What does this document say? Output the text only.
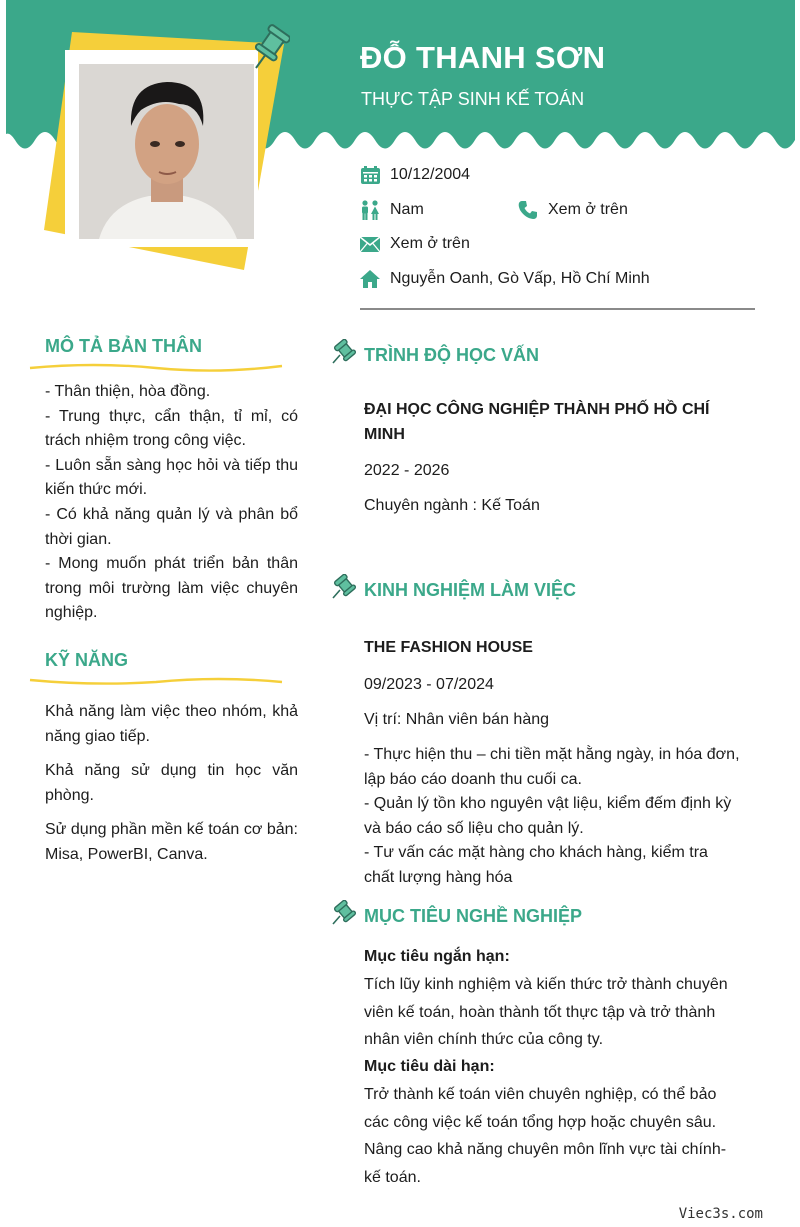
ĐỖ THANH SƠN
THỰC TẬP SINH KẾ TOÁN
10/12/2004
Nam	Xem ở trên
Xem ở trên
Nguyễn Oanh, Gò Vấp, Hồ Chí Minh
MÔ TẢ BẢN THÂN

- Thân thiện, hòa đồng.

- Trung thực, cẩn thận, tỉ mỉ, có trách nhiệm trong công việc.

- Luôn sẵn sàng học hỏi và tiếp thu kiến thức mới.

- Có khả năng quản lý và phân bổ thời gian.

- Mong muốn phát triển bản thân trong môi trường làm việc chuyên nghiệp.

KỸ NĂNG

Khả năng làm việc theo nhóm, khả năng giao tiếp.

Khả năng sử dụng tin học văn phòng.

Sử dụng phần mền kế toán cơ bản: Misa, PowerBI, Canva.

TRÌNH ĐỘ HỌC VẤN
ĐẠI HỌC CÔNG NGHIỆP THÀNH PHỐ HỒ CHÍ MINH
2022 - 2026
Chuyên ngành : Kế Toán
KINH NGHIỆM LÀM VIỆC
THE FASHION HOUSE
09/2023 - 07/2024
Vị trí: Nhân viên bán hàng
- Thực hiện thu – chi tiền mặt hằng ngày, in hóa đơn, lập báo cáo doanh thu cuối ca.
- Quản lý tồn kho nguyên vật liệu, kiểm đếm định kỳ và báo cáo số liệu cho quản lý.
- Tư vấn các mặt hàng cho khách hàng, kiểm tra chất lượng hàng hóa
MỤC TIÊU NGHỀ NGHIỆP
Mục tiêu ngắn hạn:
Tích lũy kinh nghiệm và kiến thức trở thành chuyên viên kế toán, hoàn thành tốt thực tập và trở thành nhân viên chính thức của công ty.
Mục tiêu dài hạn:
Trở thành kế toán viên chuyên nghiệp, có thể bảo các công việc kế toán tổng hợp hoặc chuyên sâu. Nâng cao khả năng chuyên môn lĩnh vực tài chính- kế toán.
Viec3s.com
